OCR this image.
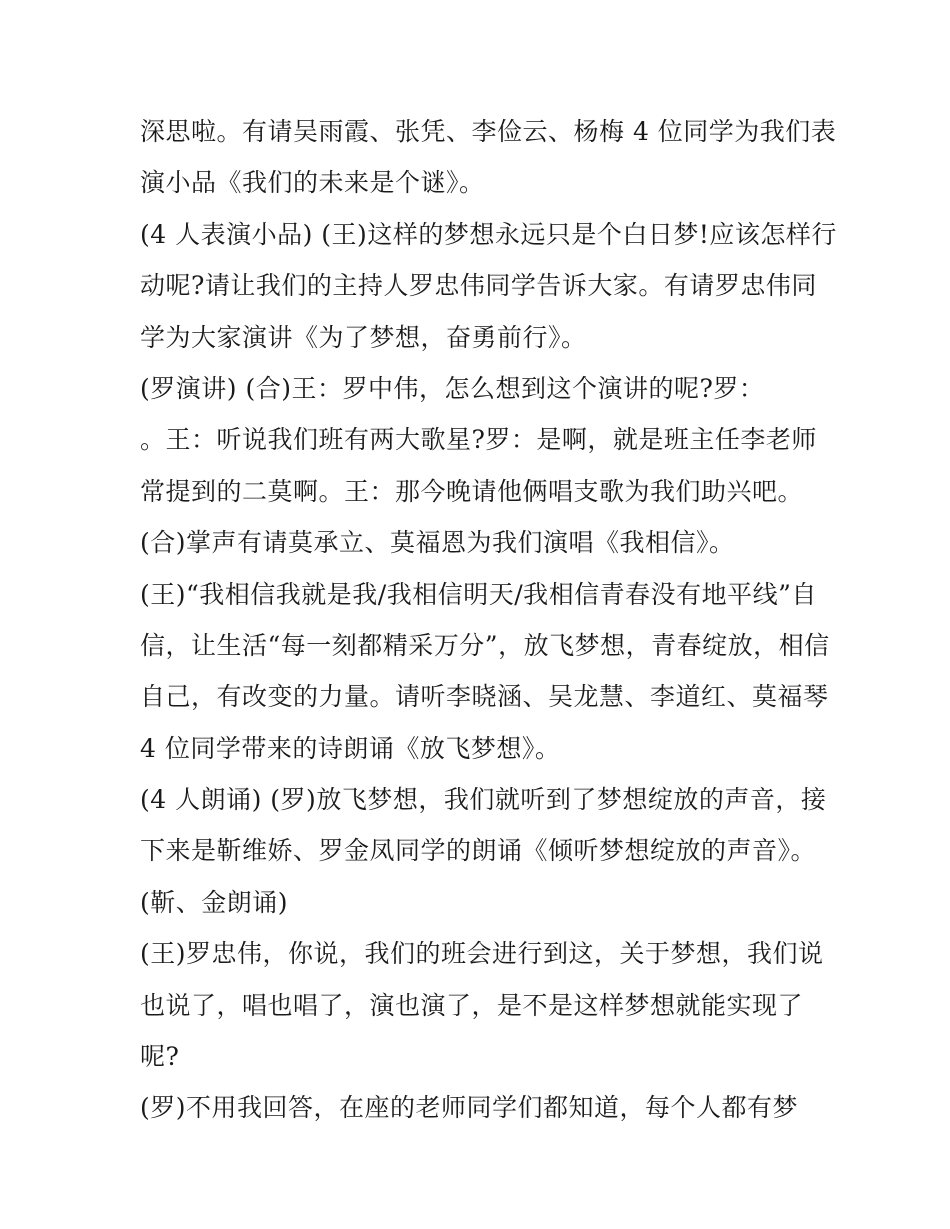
深思啦。有请吴雨霞、张凭、李俭云、杨梅 4 位同学为我们表
演小品《我们的未来是个谜》。
(4 人表演小品) (王)这样的梦想永远只是个白日梦!应该怎样行
动呢?请让我们的主持人罗忠伟同学告诉大家。有请罗忠伟同
学为大家演讲《为了梦想，奋勇前行》。
(罗演讲) (合)王：罗中伟，怎么想到这个演讲的呢?罗：
。王：听说我们班有两大歌星?罗：是啊，就是班主任李老师
常提到的二莫啊。王：那今晚请他俩唱支歌为我们助兴吧。
(合)掌声有请莫承立、莫福恩为我们演唱《我相信》。
(王)“我相信我就是我/我相信明天/我相信青春没有地平线”自
信，让生活“每一刻都精采万分”，放飞梦想，青春绽放，相信
自己，有改变的力量。请听李晓涵、吴龙慧、李道红、莫福琴
4 位同学带来的诗朗诵《放飞梦想》。
(4 人朗诵) (罗)放飞梦想，我们就听到了梦想绽放的声音，接
下来是靳维娇、罗金凤同学的朗诵《倾听梦想绽放的声音》。
(靳、金朗诵)
(王)罗忠伟，你说，我们的班会进行到这，关于梦想，我们说
也说了，唱也唱了，演也演了，是不是这样梦想就能实现了
呢?
(罗)不用我回答，在座的老师同学们都知道，每个人都有梦
